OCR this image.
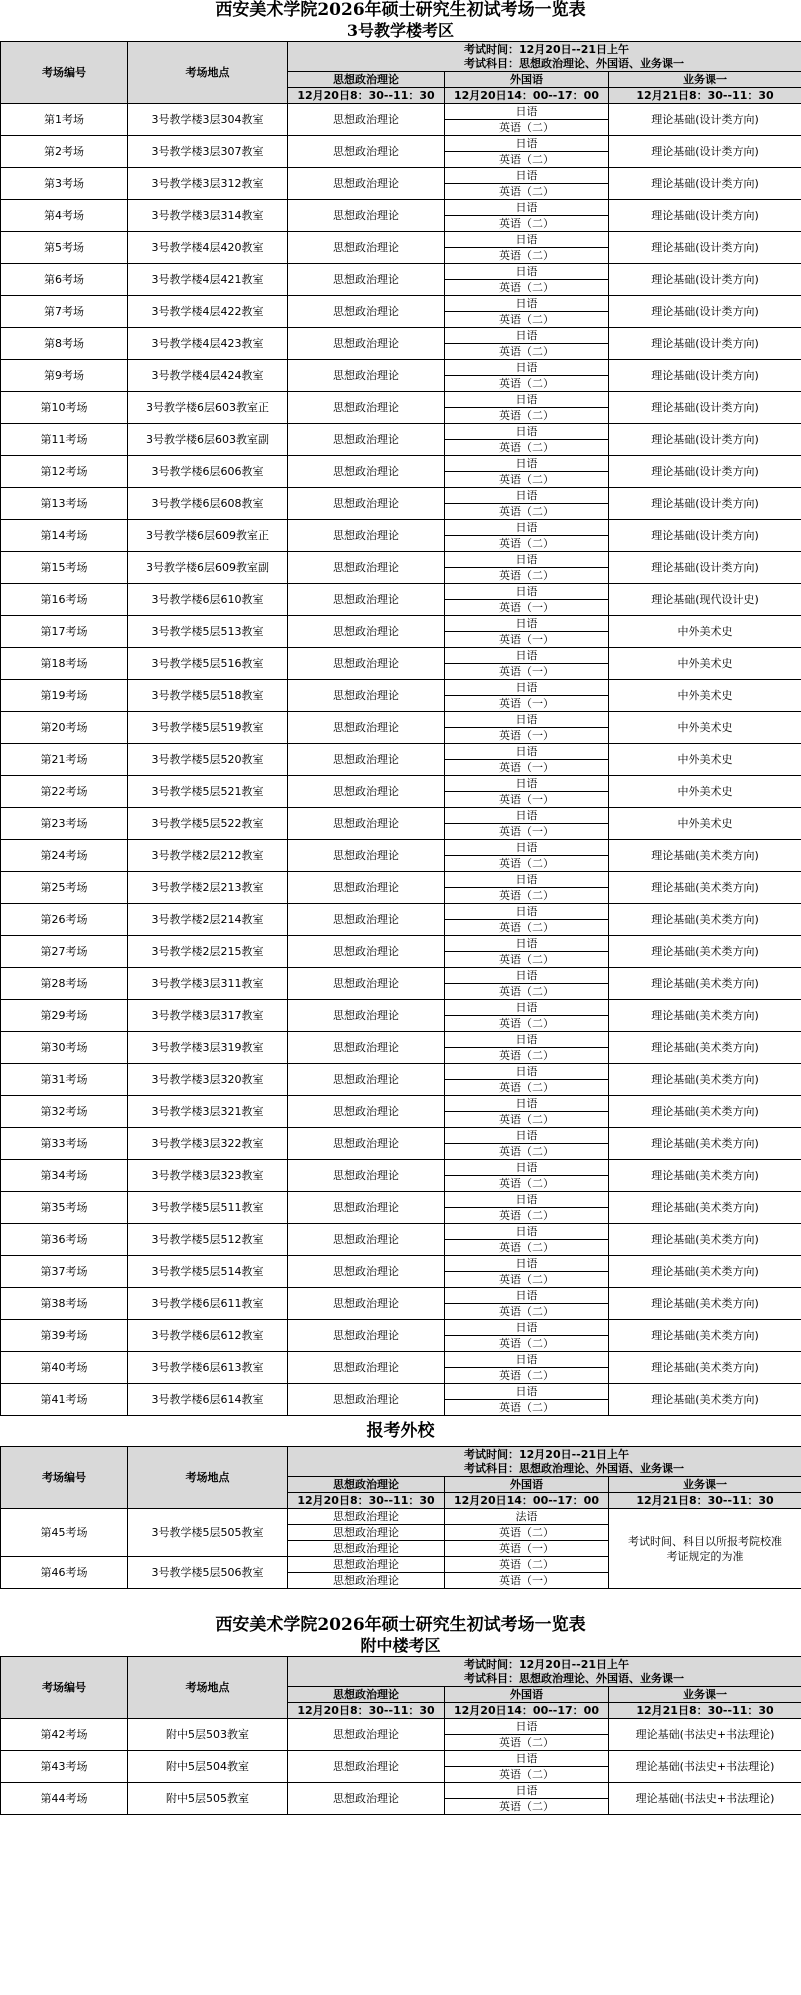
西安美术学院2026年硕士研究生初试考场一览表
3号教学楼考区
考场编号	考场地点	考试时间：12月20日--21日上午
考试科目：思想政治理论、外国语、业务课一		

		思想政治理论	外国语	业务课一
		12月20日8：30--11：30	12月20日14：00--17：00	12月21日8：30--11：30
第1考场	3号教学楼3层304教室	思想政治理论	日语	理论基础(设计类方向)
			英语（二）	
第2考场	3号教学楼3层307教室	思想政治理论	日语	理论基础(设计类方向)
			英语（二）	
第3考场	3号教学楼3层312教室	思想政治理论	日语	理论基础(设计类方向)
			英语（二）	
第4考场	3号教学楼3层314教室	思想政治理论	日语	理论基础(设计类方向)
			英语（二）	
第5考场	3号教学楼4层420教室	思想政治理论	日语	理论基础(设计类方向)
			英语（二）	
第6考场	3号教学楼4层421教室	思想政治理论	日语	理论基础(设计类方向)
			英语（二）	
第7考场	3号教学楼4层422教室	思想政治理论	日语	理论基础(设计类方向)
			英语（二）	
第8考场	3号教学楼4层423教室	思想政治理论	日语	理论基础(设计类方向)
			英语（二）	
第9考场	3号教学楼4层424教室	思想政治理论	日语	理论基础(设计类方向)
			英语（二）	
第10考场	3号教学楼6层603教室正	思想政治理论	日语	理论基础(设计类方向)
			英语（二）	
第11考场	3号教学楼6层603教室副	思想政治理论	日语	理论基础(设计类方向)
			英语（二）	
第12考场	3号教学楼6层606教室	思想政治理论	日语	理论基础(设计类方向)
			英语（二）	
第13考场	3号教学楼6层608教室	思想政治理论	日语	理论基础(设计类方向)
			英语（二）	
第14考场	3号教学楼6层609教室正	思想政治理论	日语	理论基础(设计类方向)
			英语（二）	
第15考场	3号教学楼6层609教室副	思想政治理论	日语	理论基础(设计类方向)
			英语（二）	
第16考场	3号教学楼6层610教室	思想政治理论	日语	理论基础(现代设计史)
			英语（一）	
第17考场	3号教学楼5层513教室	思想政治理论	日语	中外美术史
			英语（一）	
第18考场	3号教学楼5层516教室	思想政治理论	日语	中外美术史
			英语（一）	
第19考场	3号教学楼5层518教室	思想政治理论	日语	中外美术史
			英语（一）	
第20考场	3号教学楼5层519教室	思想政治理论	日语	中外美术史
			英语（一）	
第21考场	3号教学楼5层520教室	思想政治理论	日语	中外美术史
			英语（一）	
第22考场	3号教学楼5层521教室	思想政治理论	日语	中外美术史
			英语（一）	
第23考场	3号教学楼5层522教室	思想政治理论	日语	中外美术史
			英语（一）	
第24考场	3号教学楼2层212教室	思想政治理论	日语	理论基础(美术类方向)
			英语（二）	
第25考场	3号教学楼2层213教室	思想政治理论	日语	理论基础(美术类方向)
			英语（二）	
第26考场	3号教学楼2层214教室	思想政治理论	日语	理论基础(美术类方向)
			英语（二）	
第27考场	3号教学楼2层215教室	思想政治理论	日语	理论基础(美术类方向)
			英语（二）	
第28考场	3号教学楼3层311教室	思想政治理论	日语	理论基础(美术类方向)
			英语（二）	
第29考场	3号教学楼3层317教室	思想政治理论	日语	理论基础(美术类方向)
			英语（二）	
第30考场	3号教学楼3层319教室	思想政治理论	日语	理论基础(美术类方向)
			英语（二）	
第31考场	3号教学楼3层320教室	思想政治理论	日语	理论基础(美术类方向)
			英语（二）	
第32考场	3号教学楼3层321教室	思想政治理论	日语	理论基础(美术类方向)
			英语（二）	
第33考场	3号教学楼3层322教室	思想政治理论	日语	理论基础(美术类方向)
			英语（二）	
第34考场	3号教学楼3层323教室	思想政治理论	日语	理论基础(美术类方向)
			英语（二）	
第35考场	3号教学楼5层511教室	思想政治理论	日语	理论基础(美术类方向)
			英语（二）	
第36考场	3号教学楼5层512教室	思想政治理论	日语	理论基础(美术类方向)
			英语（二）	
第37考场	3号教学楼5层514教室	思想政治理论	日语	理论基础(美术类方向)
			英语（二）	
第38考场	3号教学楼6层611教室	思想政治理论	日语	理论基础(美术类方向)
			英语（二）	
第39考场	3号教学楼6层612教室	思想政治理论	日语	理论基础(美术类方向)
			英语（二）	
第40考场	3号教学楼6层613教室	思想政治理论	日语	理论基础(美术类方向)
			英语（二）	
第41考场	3号教学楼6层614教室	思想政治理论	日语	理论基础(美术类方向)
			英语（二）	
报考外校
考场编号	考场地点	考试时间：12月20日--21日上午
考试科目：思想政治理论、外国语、业务课一		

		思想政治理论	外国语	业务课一
		12月20日8：30--11：30	12月20日14：00--17：00	12月21日8：30--11：30
第45考场	3号教学楼5层505教室	思想政治理论	法语	考试时间、科目以所报考院校准考证规定的为准
		思想政治理论	英语（二）	
		思想政治理论	英语（一）	
第46考场	3号教学楼5层506教室	思想政治理论	英语（二）	
		思想政治理论	英语（一）	
西安美术学院2026年硕士研究生初试考场一览表
附中楼考区
考场编号	考场地点	考试时间：12月20日--21日上午
考试科目：思想政治理论、外国语、业务课一		

		思想政治理论	外国语	业务课一
		12月20日8：30--11：30	12月20日14：00--17：00	12月21日8：30--11：30
第42考场	附中5层503教室	思想政治理论	日语	理论基础(书法史+书法理论)
			英语（二）	
第43考场	附中5层504教室	思想政治理论	日语	理论基础(书法史+书法理论)
			英语（二）	
第44考场	附中5层505教室	思想政治理论	日语	理论基础(书法史+书法理论)
			英语（二）	
